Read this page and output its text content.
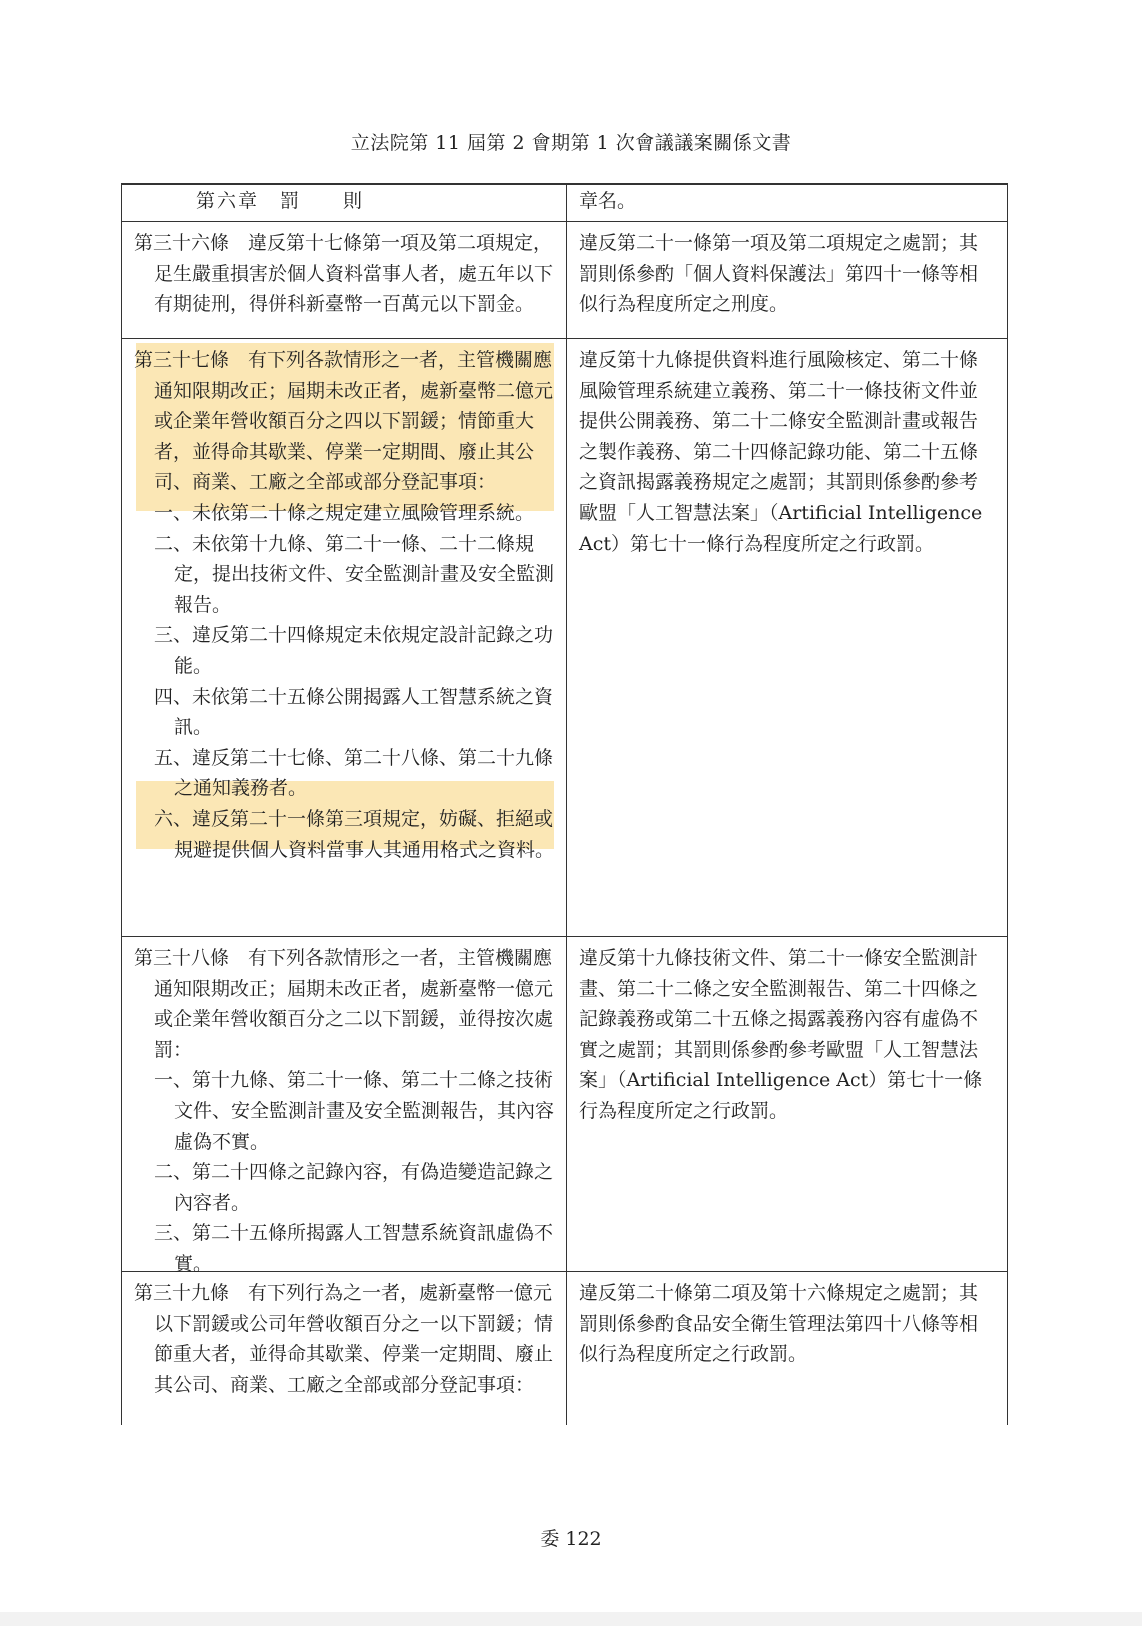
立法院第 11 屆第 2 會期第 1 次會議議案關係文書

第六章　罰　　則	章名。

第三十六條　違反第十七條第一項及第二項規定，足生嚴重損害於個人資料當事人者，處五年以下有期徒刑，得併科新臺幣一百萬元以下罰金。

違反第二十一條第一項及第二項規定之處罰；其罰則係參酌「個人資料保護法」第四十一條等相似行為程度所定之刑度。

第三十七條　有下列各款情形之一者，主管機關應通知限期改正；屆期未改正者，處新臺幣二億元或企業年營收額百分之四以下罰鍰；情節重大者，並得命其歇業、停業一定期間、廢止其公司、商業、工廠之全部或部分登記事項：

一、未依第二十條之規定建立風險管理系統。

二、未依第十九條、第二十一條、二十二條規定，提出技術文件、安全監測計畫及安全監測報告。

三、違反第二十四條規定未依規定設計記錄之功能。

四、未依第二十五條公開揭露人工智慧系統之資訊。

五、違反第二十七條、第二十八條、第二十九條之通知義務者。

六、違反第二十一條第三項規定，妨礙、拒絕或規避提供個人資料當事人其通用格式之資料。

違反第十九條提供資料進行風險核定、第二十條風險管理系統建立義務、第二十一條技術文件並提供公開義務、第二十二條安全監測計畫或報告之製作義務、第二十四條記錄功能、第二十五條之資訊揭露義務規定之處罰；其罰則係參酌參考歐盟「人工智慧法案」（Artificial Intelligence Act）第七十一條行為程度所定之行政罰。

第三十八條　有下列各款情形之一者，主管機關應通知限期改正；屆期未改正者，處新臺幣一億元或企業年營收額百分之二以下罰鍰，並得按次處罰：

一、第十九條、第二十一條、第二十二條之技術文件、安全監測計畫及安全監測報告，其內容虛偽不實。

二、第二十四條之記錄內容，有偽造變造記錄之內容者。

三、第二十五條所揭露人工智慧系統資訊虛偽不實。

違反第十九條技術文件、第二十一條安全監測計畫、第二十二條之安全監測報告、第二十四條之記錄義務或第二十五條之揭露義務內容有虛偽不實之處罰；其罰則係參酌參考歐盟「人工智慧法案」（Artificial Intelligence Act）第七十一條行為程度所定之行政罰。

第三十九條　有下列行為之一者，處新臺幣一億元以下罰鍰或公司年營收額百分之一以下罰鍰；情節重大者，並得命其歇業、停業一定期間、廢止其公司、商業、工廠之全部或部分登記事項：

違反第二十條第二項及第十六條規定之處罰；其罰則係參酌食品安全衛生管理法第四十八條等相似行為程度所定之行政罰。

委 122
